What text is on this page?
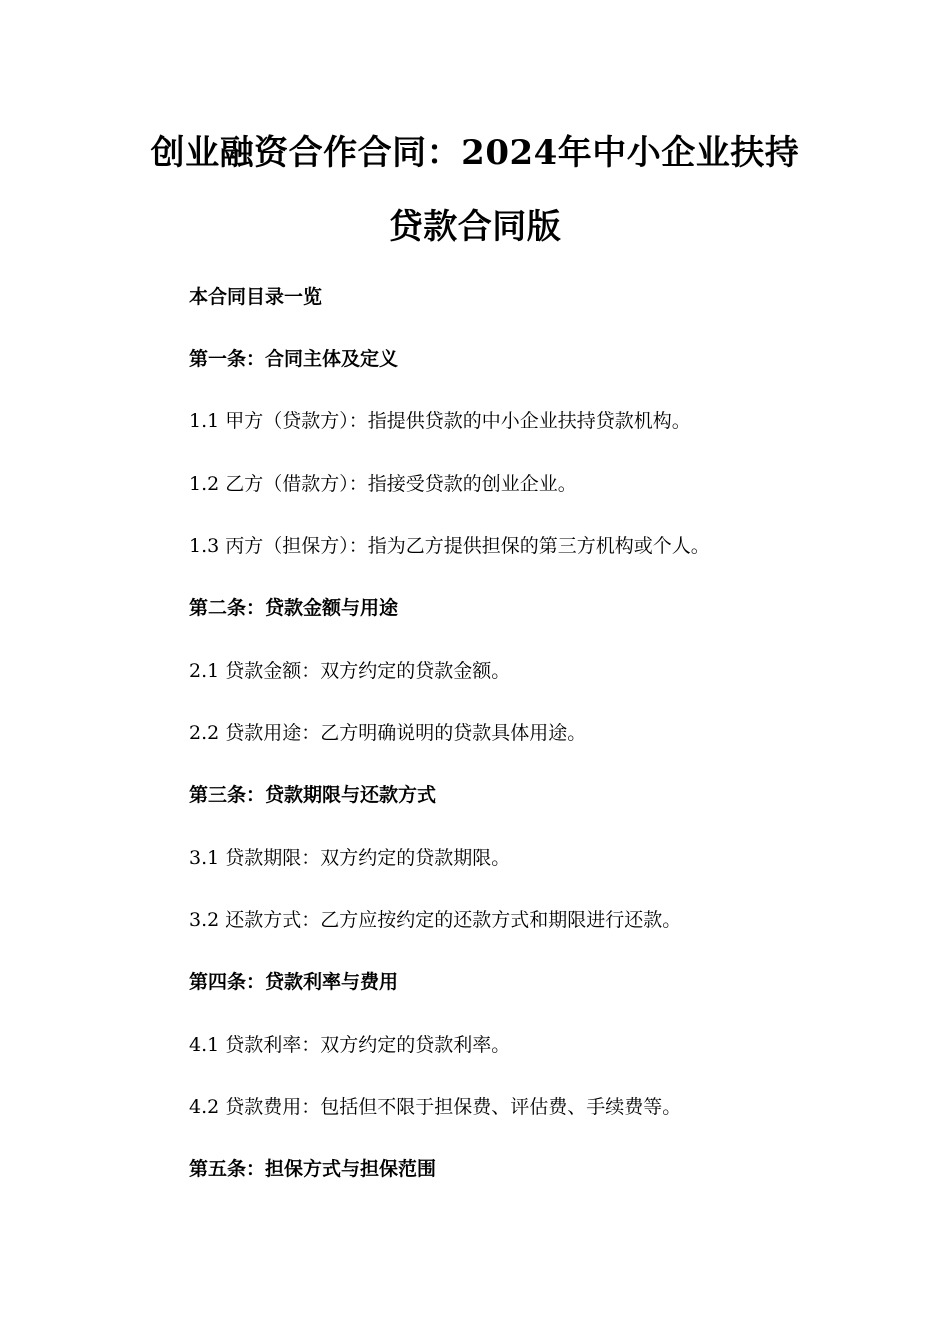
创业融资合作合同：2024年中小企业扶持
贷款合同版
本合同目录一览
第一条：合同主体及定义
1.1 甲方（贷款方）：指提供贷款的中小企业扶持贷款机构。
1.2 乙方（借款方）：指接受贷款的创业企业。
1.3 丙方（担保方）：指为乙方提供担保的第三方机构或个人。
第二条：贷款金额与用途
2.1 贷款金额：双方约定的贷款金额。
2.2 贷款用途：乙方明确说明的贷款具体用途。
第三条：贷款期限与还款方式
3.1 贷款期限：双方约定的贷款期限。
3.2 还款方式：乙方应按约定的还款方式和期限进行还款。
第四条：贷款利率与费用
4.1 贷款利率：双方约定的贷款利率。
4.2 贷款费用：包括但不限于担保费、评估费、手续费等。
第五条：担保方式与担保范围
